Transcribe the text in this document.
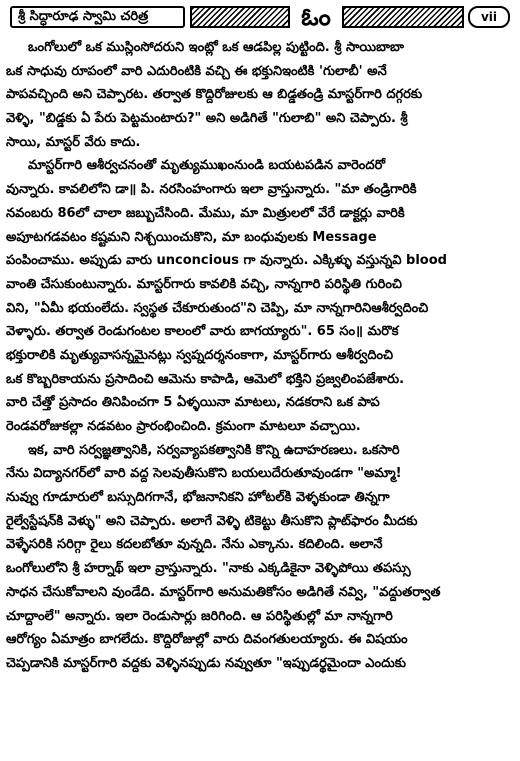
శ్రీ సిద్ధారూఢ స్వామి చరిత్ర	ఓం	vii
ఒంగోలులో ఒక ముస్లింసోదరుని ఇంట్లో ఒక ఆడపిల్ల పుట్టింది. శ్రీ సాయిబాబా
ఒక సాధువు రూపంలో వారి ఎదురింటికి వచ్చి ఈ భక్తునిఇంటికి 'గులాబీ' అనే
పాపవచ్చింది అని చెప్పారట. తర్వాత కొద్దిరోజులకు ఆ బిడ్డతండ్రి మాస్టర్‌గారి దగ్గరకు
వెళ్ళి, "బిడ్డకు ఏ పేరు పెట్టమంటారు?" అని అడిగితే "గులాబి" అని చెప్పారు. శ్రీ
సాయి, మాస్టర్ వేరు కాదు.
మాస్టర్‌గారి ఆశీర్వచనంతో మృత్యుముఖంనుండి బయటపడిన వారెందరో
వున్నారు. కావలిలోని డా॥ పి. నరసింహంగారు ఇలా వ్రాస్తున్నారు. "మా తండ్రిగారికి
నవంబరు 86లో చాలా జబ్బుచేసింది. మేము, మా మిత్రులలో వేరే డాక్టర్లు వారికి
అపూటగడవటం కష్టమని నిశ్చయించుకొని, మా బంధువులకు Message
పంపించాము. అప్పుడు వారు unconcious గా వున్నారు. ఎక్కిళ్ళు వస్తున్నవి blood
వాంతి చేసుకుంటున్నారు. మాస్టర్‌గారు కావలికి వచ్చి, నాన్నగారి పరిస్థితి గురించి
విని, "ఏమీ భయంలేదు. స్వస్థత చేకూరుతుంద"ని చెప్పి, మా నాన్నగారినిఆశీర్వదించి
వెళ్ళారు. తర్వాత రెండుగంటల కాలంలో వారు బాగయ్యారు". 65 సం॥ మరొక
భక్తురాలికి మృత్యువాసన్నమైనట్లు స్వప్నదర్శనంకాగా, మాస్టర్‌గారు ఆశీర్వదించి
ఒక కొబ్బరికాయను ప్రసాదించి ఆమెను కాపాడి, ఆమెలో భక్తిని ప్రజ్వలింపజేశారు.
వారి చేత్తో ప్రసాదం తినిపించగా 5 ఏళ్ళయినా మాటలు, నడకరాని ఒక పాప
రెండవరోజుకల్లా నడవటం ప్రారంభించింది. క్రమంగా మాటలూ వచ్చాయి.
ఇక, వారి సర్వజ్ఞత్వానికి, సర్వవ్యాపకత్వానికి కొన్ని ఉదాహరణలు. ఒకసారి
నేను విద్యానగర్‌లో వారి వద్ద సెలవుతీసుకొని బయలుదేరుతూవుండగా "అమ్మా!
నువ్వు గూడూరులో బస్సుదిగగానే, భోజనానికని హోటల్‌కి వెళ్ళకుండా తిన్నగా
రైల్వేస్టేషన్‌కి వెళ్ళు" అని చెప్పారు. అలాగే వెళ్ళి టికెట్టు తీసుకొని ప్లాట్‌ఫారం మీదకు
వెళ్ళేసరికి సరిగ్గా రైలు కదలబోతూ వున్నది. నేను ఎక్కాను. కదిలింది. అలానే
ఒంగోలులోని శ్రీ హర్నాథ్ ఇలా వ్రాస్తున్నారు. "నాకు ఎక్కడికైనా వెళ్ళిపోయి తపస్సు
సాధన చేసుకోవాలని వుండేది. మాస్టర్‌గారి అనుమతికోసం అడిగితే నవ్వి, "వద్దుతర్వాత
చూద్దాంలే" అన్నారు. ఇలా రెండుసార్లు జరిగింది. ఆ పరిస్థితుల్లో మా నాన్నగారి
ఆరోగ్యం ఏమాత్రం బాగలేదు. కొద్దిరోజుల్లో వారు దివంగతులయ్యారు. ఈ విషయం
చెప్పడానికి మాస్టర్‌గారి వద్దకు వెళ్ళినప్పుడు నవ్వుతూ "ఇప్పుడర్థమైందా ఎందుకు
